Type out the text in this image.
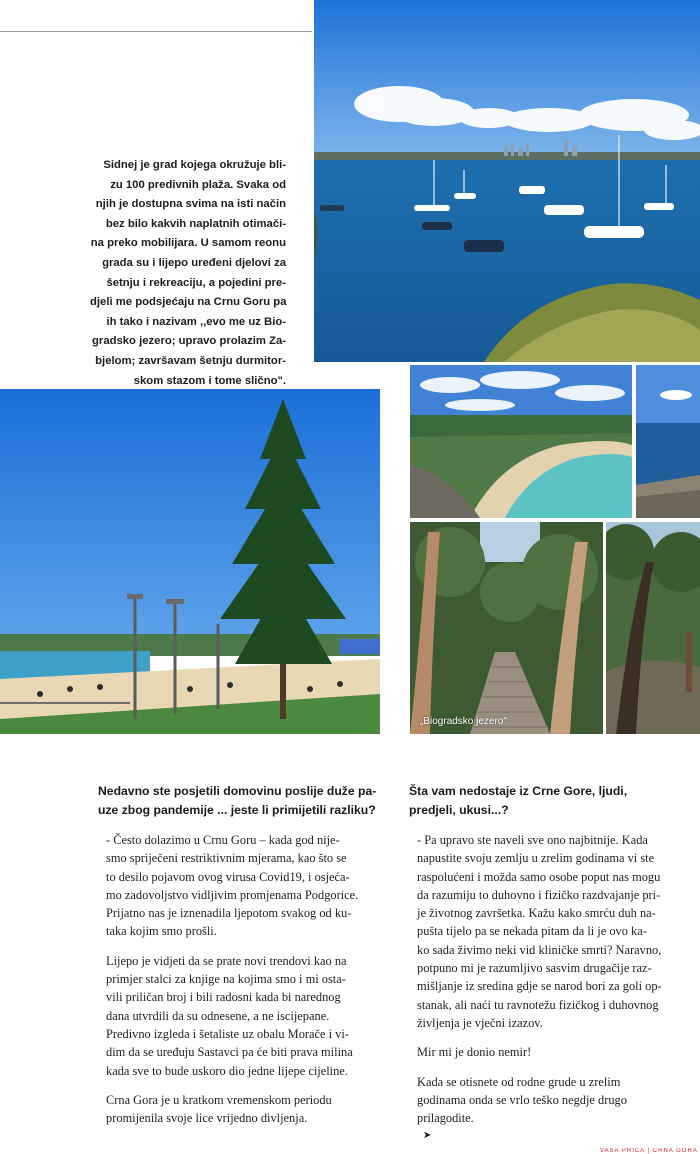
Sidnej je grad kojega okružuje bli-
zu 100 predivnih plaža. Svaka od
njih je dostupna svima na isti način
bez bilo kakvih naplatnih otimači-
na preko mobilijara. U samom reonu
grada su i lijepo uređeni djelovi za
šetnju i rekreaciju, a pojedini pre-
djeli me podsjećaju na Crnu Goru pa
ih tako i nazivam ,,evo me uz Bio-
gradsko jezero; upravo prolazim Za-
bjelom; završavam šetnju durmitor-
skom stazom i tome slično".
„Biogradsko jezero"
Nedavno ste posjetili domovinu poslije duže pa-
uze zbog pandemije ... jeste li primijetili razliku?
- Često dolazimo u Crnu Goru – kada god nije-
smo spriječeni restriktivnim mjerama, kao što se
to desilo pojavom ovog virusa Covid19, i osjeća-
mo zadovoljstvo vidljivim promjenama Podgorice.
Prijatno nas je iznenadila ljepotom svakog od ku-
taka kojim smo prošli.
Lijepo je vidjeti da se prate novi trendovi kao na
primjer stalci za knjige na kojima smo i mi osta-
vili priličan broj i bili radosni kada bi narednog
dana utvrdili da su odnesene, a ne iscijepane.
Predivno izgleda i šetaliste uz obalu Morače i vi-
dim da se uređuju Sastavci pa će biti prava milina
kada sve to bude uskoro dio jedne lijepe cijeline.
Crna Gora je u kratkom vremenskom periodu
promijenila svoje lice vrijedno divljenja.
Šta vam nedostaje iz Crne Gore, ljudi,
predjeli, ukusi...?
- Pa upravo ste naveli sve ono najbitnije. Kada
napustite svoju zemlju u zrelim godinama vi ste
raspolućeni i možda samo osobe poput nas mogu
da razumiju to duhovno i fizičko razdvajanje pri-
je životnog završetka. Kažu kako smrću duh na-
pušta tijelo pa se nekada pitam da li je ovo ka-
ko sada živimo neki vid kliničke smrti? Naravno,
potpuno mi je razumljivo sasvim drugačije raz-
mišljanje iz sredina gdje se narod bori za goli op-
stanak, ali naći tu ravnotežu fizičkog i duhovnog
življenja je vječni izazov.
Mir mi je donio nemir!
Kada se otisnete od rodne grude u zrelim
godinama onda se vrlo teško negdje drugo
prilagodite.
➤
VAŠA PRIČA | CRNA GORA
